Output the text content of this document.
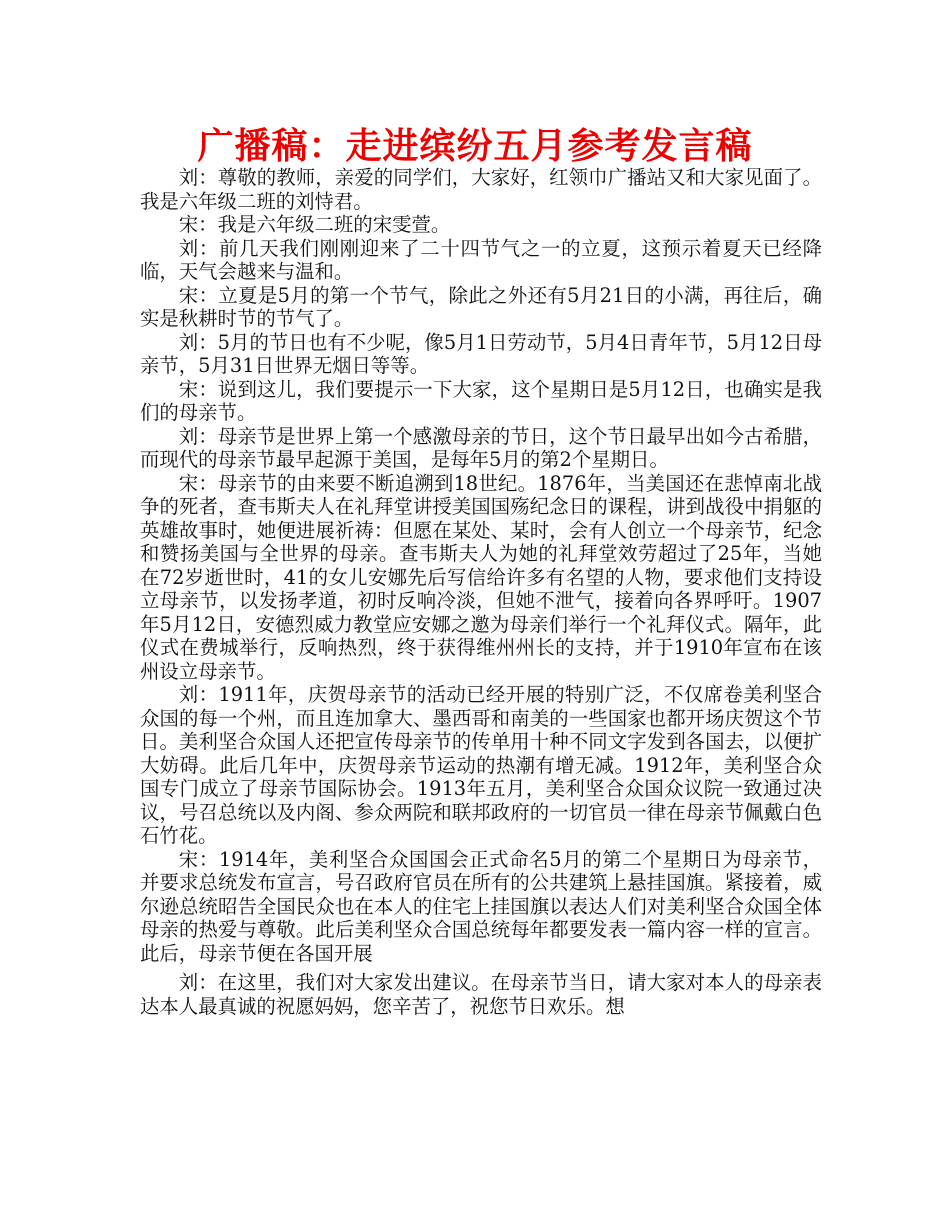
广播稿：走进缤纷五月参考发言稿

刘：尊敬的教师，亲爱的同学们，大家好，红领巾广播站又和大家见面了。我是六年级二班的刘恃君。

宋：我是六年级二班的宋雯萱。

刘：前几天我们刚刚迎来了二十四节气之一的立夏，这预示着夏天已经降临，天气会越来与温和。

宋：立夏是5月的第一个节气，除此之外还有5月21日的小满，再往后，确实是秋耕时节的节气了。

刘：5月的节日也有不少呢，像5月1日劳动节，5月4日青年节，5月12日母亲节，5月31日世界无烟日等等。

宋：说到这儿，我们要提示一下大家，这个星期日是5月12日，也确实是我们的母亲节。

刘：母亲节是世界上第一个感激母亲的节日，这个节日最早出如今古希腊，而现代的母亲节最早起源于美国，是每年5月的第2个星期日。

宋：母亲节的由来要不断追溯到18世纪。1876年，当美国还在悲悼南北战争的死者，查韦斯夫人在礼拜堂讲授美国国殇纪念日的课程，讲到战役中捐躯的英雄故事时，她便进展祈祷：但愿在某处、某时，会有人创立一个母亲节，纪念和赞扬美国与全世界的母亲。查韦斯夫人为她的礼拜堂效劳超过了25年，当她在72岁逝世时，41的女儿安娜先后写信给许多有名望的人物，要求他们支持设立母亲节，以发扬孝道，初时反响冷淡，但她不泄气，接着向各界呼吁。1907年5月12日，安德烈威力教堂应安娜之邀为母亲们举行一个礼拜仪式。隔年，此仪式在费城举行，反响热烈，终于获得维州州长的支持，并于1910年宣布在该州设立母亲节。

刘：1911年，庆贺母亲节的活动已经开展的特别广泛，不仅席卷美利坚合众国的每一个州，而且连加拿大、墨西哥和南美的一些国家也都开场庆贺这个节日。美利坚合众国人还把宣传母亲节的传单用十种不同文字发到各国去，以便扩大妨碍。此后几年中，庆贺母亲节运动的热潮有增无减。1912年，美利坚合众国专门成立了母亲节国际协会。1913年五月，美利坚合众国众议院一致通过决议，号召总统以及内阁、参众两院和联邦政府的一切官员一律在母亲节佩戴白色石竹花。

宋：1914年，美利坚合众国国会正式命名5月的第二个星期日为母亲节，并要求总统发布宣言，号召政府官员在所有的公共建筑上悬挂国旗。紧接着，威尔逊总统昭告全国民众也在本人的住宅上挂国旗以表达人们对美利坚合众国全体母亲的热爱与尊敬。此后美利坚众合国总统每年都要发表一篇内容一样的宣言。此后，母亲节便在各国开展

刘：在这里，我们对大家发出建议。在母亲节当日，请大家对本人的母亲表达本人最真诚的祝愿妈妈，您辛苦了，祝您节日欢乐。想
